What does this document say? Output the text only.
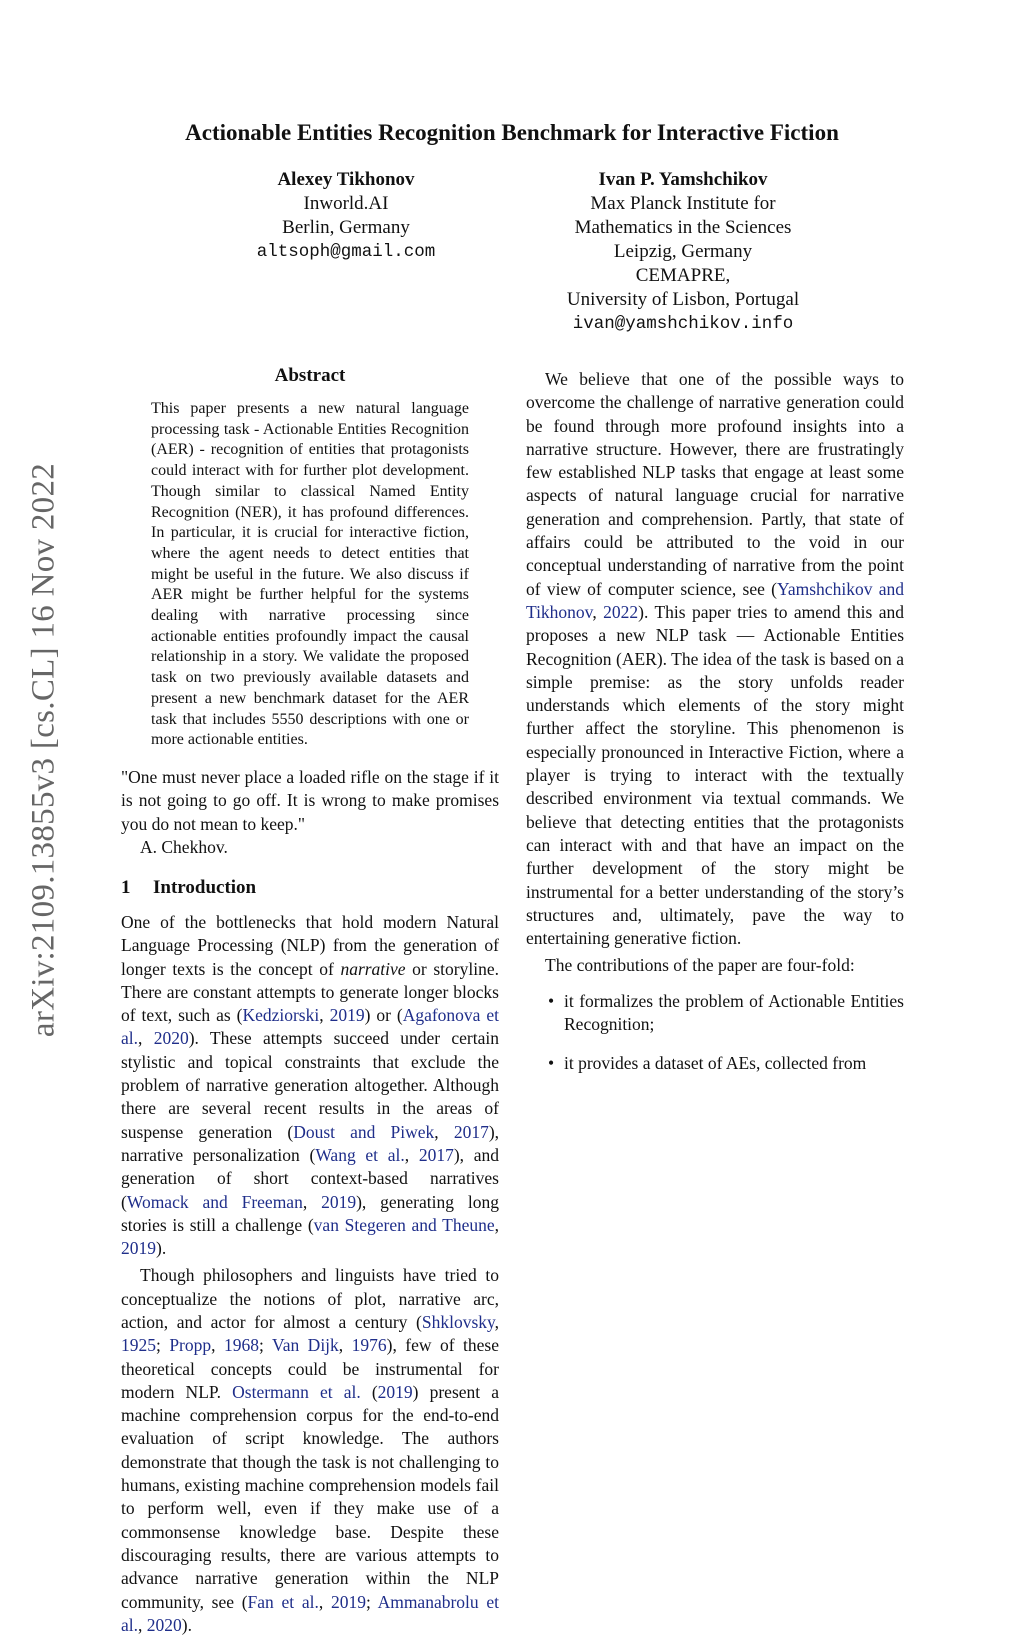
arXiv:2109.13855v3 [cs.CL] 16 Nov 2022
Actionable Entities Recognition Benchmark for Interactive Fiction
Alexey Tikhonov
Inworld.AI
Berlin, Germany
altsoph@gmail.com
Ivan P. Yamshchikov
Max Planck Institute for
Mathematics in the Sciences
Leipzig, Germany
CEMAPRE,
University of Lisbon, Portugal
ivan@yamshchikov.info
Abstract
This paper presents a new natural language processing task - Actionable Entities Recognition (AER) - recognition of entities that protagonists could interact with for further plot development. Though similar to classical Named Entity Recognition (NER), it has profound differences. In particular, it is crucial for interactive fiction, where the agent needs to detect entities that might be useful in the future. We also discuss if AER might be further helpful for the systems dealing with narrative processing since actionable entities profoundly impact the causal relationship in a story. We validate the proposed task on two previously available datasets and present a new benchmark dataset for the AER task that includes 5550 descriptions with one or more actionable entities.
"One must never place a loaded rifle on the stage if it is not going to go off. It is wrong to make promises you do not mean to keep."
A. Chekhov.
1 Introduction

One of the bottlenecks that hold modern Natural Language Processing (NLP) from the generation of longer texts is the concept of narrative or storyline. There are constant attempts to generate longer blocks of text, such as (Kedziorski, 2019) or (Agafonova et al., 2020). These attempts succeed under certain stylistic and topical constraints that exclude the problem of narrative generation altogether. Although there are several recent results in the areas of suspense generation (Doust and Piwek, 2017), narrative personalization (Wang et al., 2017), and generation of short context-based narratives (Womack and Freeman, 2019), generating long stories is still a challenge (van Stegeren and Theune, 2019).

Though philosophers and linguists have tried to conceptualize the notions of plot, narrative arc, action, and actor for almost a century (Shklovsky, 1925; Propp, 1968; Van Dijk, 1976), few of these theoretical concepts could be instrumental for modern NLP. Ostermann et al. (2019) present a machine comprehension corpus for the end-to-end evaluation of script knowledge. The authors demonstrate that though the task is not challenging to humans, existing machine comprehension models fail to perform well, even if they make use of a commonsense knowledge base. Despite these discouraging results, there are various attempts to advance narrative generation within the NLP community, see (Fan et al., 2019; Ammanabrolu et al., 2020).

We believe that one of the possible ways to overcome the challenge of narrative generation could be found through more profound insights into a narrative structure. However, there are frustratingly few established NLP tasks that engage at least some aspects of natural language crucial for narrative generation and comprehension. Partly, that state of affairs could be attributed to the void in our conceptual understanding of narrative from the point of view of computer science, see (Yamshchikov and Tikhonov, 2022). This paper tries to amend this and proposes a new NLP task — Actionable Entities Recognition (AER). The idea of the task is based on a simple premise: as the story unfolds reader understands which elements of the story might further affect the storyline. This phenomenon is especially pronounced in Interactive Fiction, where a player is trying to interact with the textually described environment via textual commands. We believe that detecting entities that the protagonists can interact with and that have an impact on the further development of the story might be instrumental for a better understanding of the story’s structures and, ultimately, pave the way to entertaining generative fiction.

The contributions of the paper are four-fold:

• it formalizes the problem of Actionable Entities Recognition;
• it provides a dataset of AEs, collected from
